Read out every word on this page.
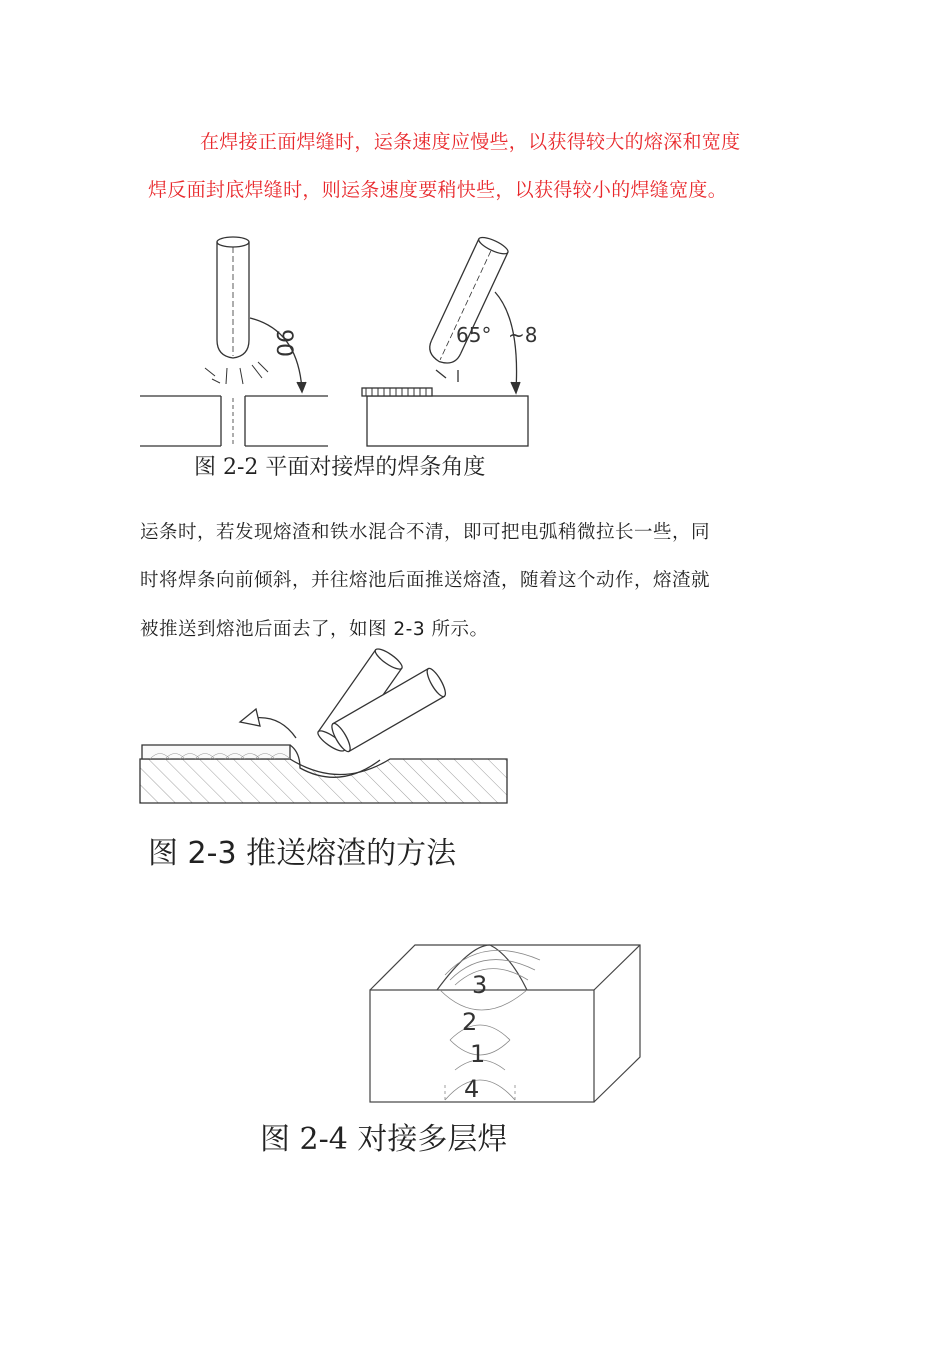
在焊接正面焊缝时，运条速度应慢些，以获得较大的熔深和宽度
焊反面封底焊缝时，则运条速度要稍快些，以获得较小的焊缝宽度。
90	65° ~8
图 2-2 平面对接焊的焊条角度
运条时，若发现熔渣和铁水混合不清，即可把电弧稍微拉长一些，同
时将焊条向前倾斜，并往熔池后面推送熔渣，随着这个动作，熔渣就
被推送到熔池后面去了，如图 2-3 所示。
图 2-3 推送熔渣的方法
3
2
1
4
图 2-4 对接多层焊
